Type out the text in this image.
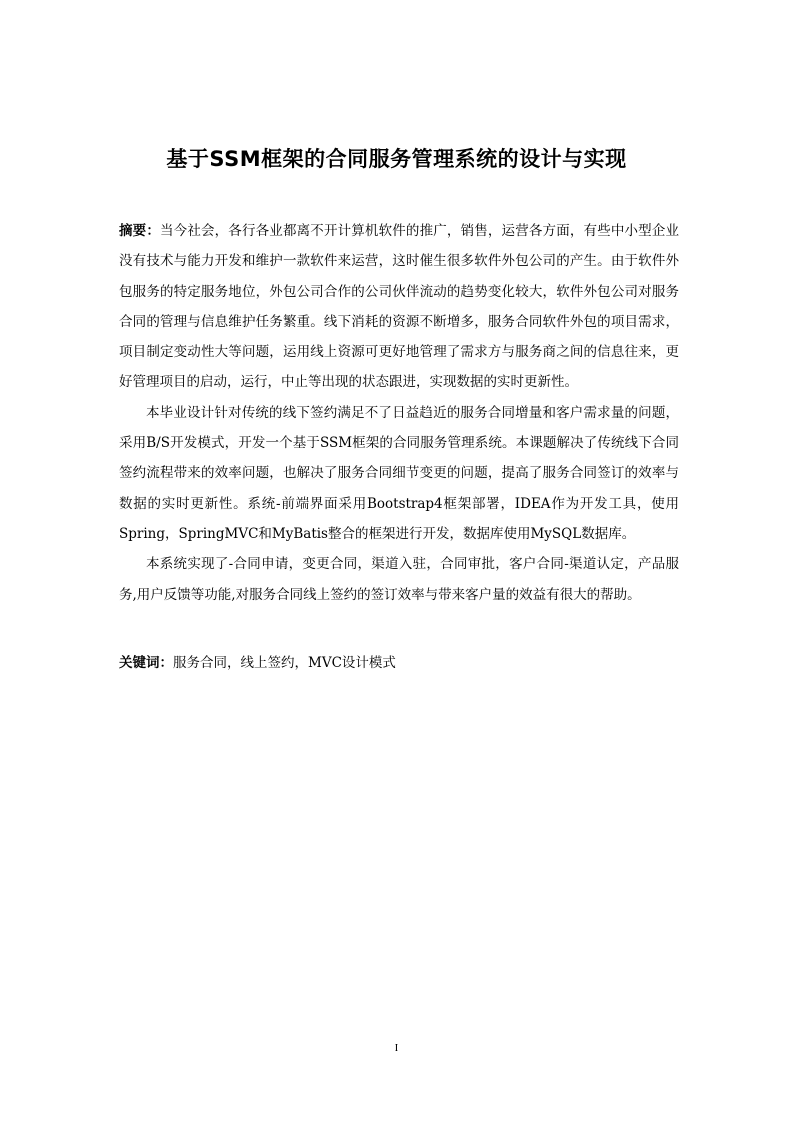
基于SSM框架的合同服务管理系统的设计与实现

摘要：当今社会，各行各业都离不开计算机软件的推广，销售，运营各方面，有些中小型企业没有技术与能力开发和维护一款软件来运营，这时催生很多软件外包公司的产生。由于软件外包服务的特定服务地位，外包公司合作的公司伙伴流动的趋势变化较大，软件外包公司对服务合同的管理与信息维护任务繁重。线下消耗的资源不断增多，服务合同软件外包的项目需求，项目制定变动性大等问题，运用线上资源可更好地管理了需求方与服务商之间的信息往来，更好管理项目的启动，运行，中止等出现的状态跟进，实现数据的实时更新性。

本毕业设计针对传统的线下签约满足不了日益趋近的服务合同增量和客户需求量的问题，采用B/S开发模式，开发一个基于SSM框架的合同服务管理系统。本课题解决了传统线下合同签约流程带来的效率问题，也解决了服务合同细节变更的问题，提高了服务合同签订的效率与数据的实时更新性。系统-前端界面采用Bootstrap4框架部署，IDEA作为开发工具，使用Spring，SpringMVC和MyBatis整合的框架进行开发，数据库使用MySQL数据库。

本系统实现了-合同申请，变更合同，渠道入驻，合同审批，客户合同-渠道认定，产品服务,用户反馈等功能,对服务合同线上签约的签订效率与带来客户量的效益有很大的帮助。

关键词：服务合同，线上签约，MVC设计模式
I
